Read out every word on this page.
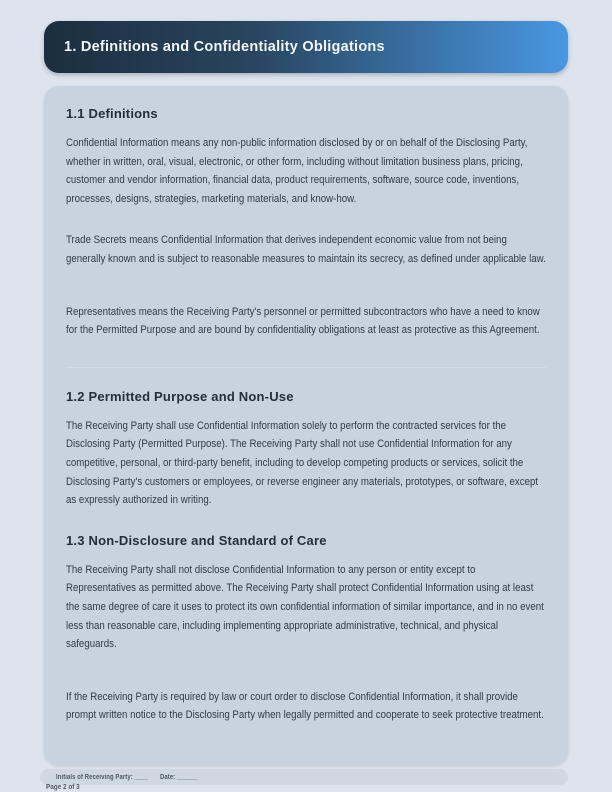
Initials of Receiving Party: ____ Date: ______
Page 2 of 3
1. Definitions and Confidentiality Obligations
1.1 Definitions

Confidential Information means any non-public information disclosed by or on behalf of the Disclosing Party, whether in written, oral, visual, electronic, or other form, including without limitation business plans, pricing, customer and vendor information, financial data, product requirements, software, source code, inventions, processes, designs, strategies, marketing materials, and know-how.

Trade Secrets means Confidential Information that derives independent economic value from not being generally known and is subject to reasonable measures to maintain its secrecy, as defined under applicable law.

Representatives means the Receiving Party's personnel or permitted subcontractors who have a need to know for the Permitted Purpose and are bound by confidentiality obligations at least as protective as this Agreement.

1.2 Permitted Purpose and Non-Use

The Receiving Party shall use Confidential Information solely to perform the contracted services for the Disclosing Party (Permitted Purpose). The Receiving Party shall not use Confidential Information for any competitive, personal, or third-party benefit, including to develop competing products or services, solicit the Disclosing Party's customers or employees, or reverse engineer any materials, prototypes, or software, except as expressly authorized in writing.

1.3 Non-Disclosure and Standard of Care

The Receiving Party shall not disclose Confidential Information to any person or entity except to Representatives as permitted above. The Receiving Party shall protect Confidential Information using at least the same degree of care it uses to protect its own confidential information of similar importance, and in no event less than reasonable care, including implementing appropriate administrative, technical, and physical safeguards.

If the Receiving Party is required by law or court order to disclose Confidential Information, it shall provide prompt written notice to the Disclosing Party when legally permitted and cooperate to seek protective treatment.
